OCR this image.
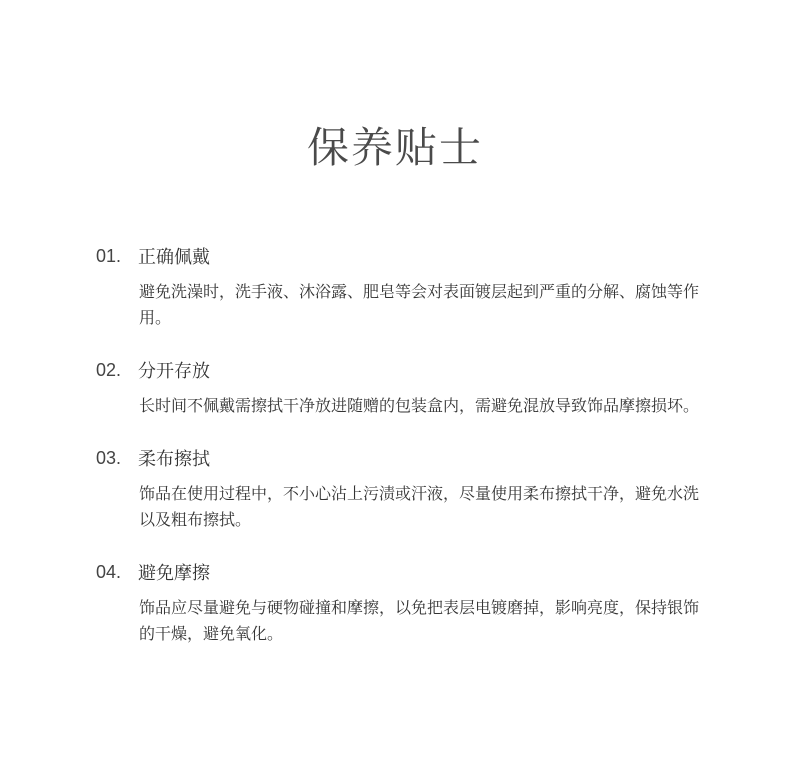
保养贴士
01. 正确佩戴
避免洗澡时，洗手液、沐浴露、肥皂等会对表面镀层起到严重的分解、腐蚀等作用。
02. 分开存放
长时间不佩戴需擦拭干净放进随赠的包装盒内，需避免混放导致饰品摩擦损坏。
03. 柔布擦拭
饰品在使用过程中，不小心沾上污渍或汗液，尽量使用柔布擦拭干净，避免水洗以及粗布擦拭。
04. 避免摩擦
饰品应尽量避免与硬物碰撞和摩擦，以免把表层电镀磨掉，影响亮度，保持银饰的干燥，避免氧化。
